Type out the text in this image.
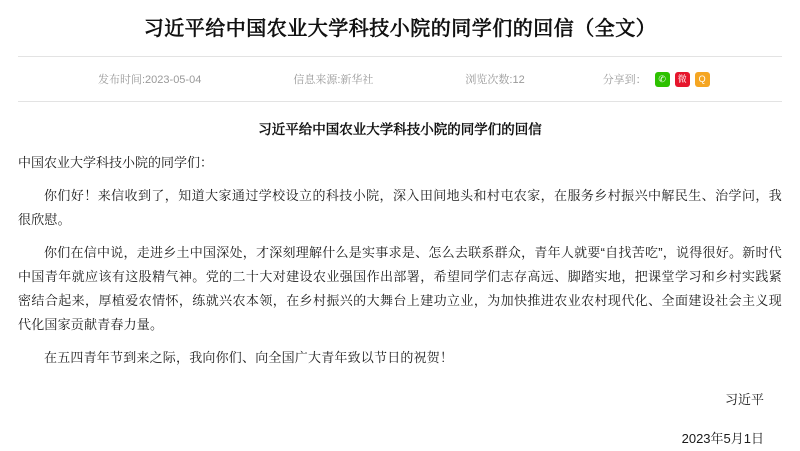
习近平给中国农业大学科技小院的同学们的回信（全文）
发布时间:2023-05-04	信息来源:新华社	浏览次数:12	分享到：	✆	微	Q
习近平给中国农业大学科技小院的同学们的回信
中国农业大学科技小院的同学们：

你们好！来信收到了，知道大家通过学校设立的科技小院，深入田间地头和村屯农家，在服务乡村振兴中解民生、治学问，我很欣慰。

你们在信中说，走进乡土中国深处，才深刻理解什么是实事求是、怎么去联系群众，青年人就要“自找苦吃”，说得很好。新时代中国青年就应该有这股精气神。党的二十大对建设农业强国作出部署，希望同学们志存高远、脚踏实地，把课堂学习和乡村实践紧密结合起来，厚植爱农情怀，练就兴农本领，在乡村振兴的大舞台上建功立业，为加快推进农业农村现代化、全面建设社会主义现代化国家贡献青春力量。

在五四青年节到来之际，我向你们、向全国广大青年致以节日的祝贺！

习近平
2023年5月1日
